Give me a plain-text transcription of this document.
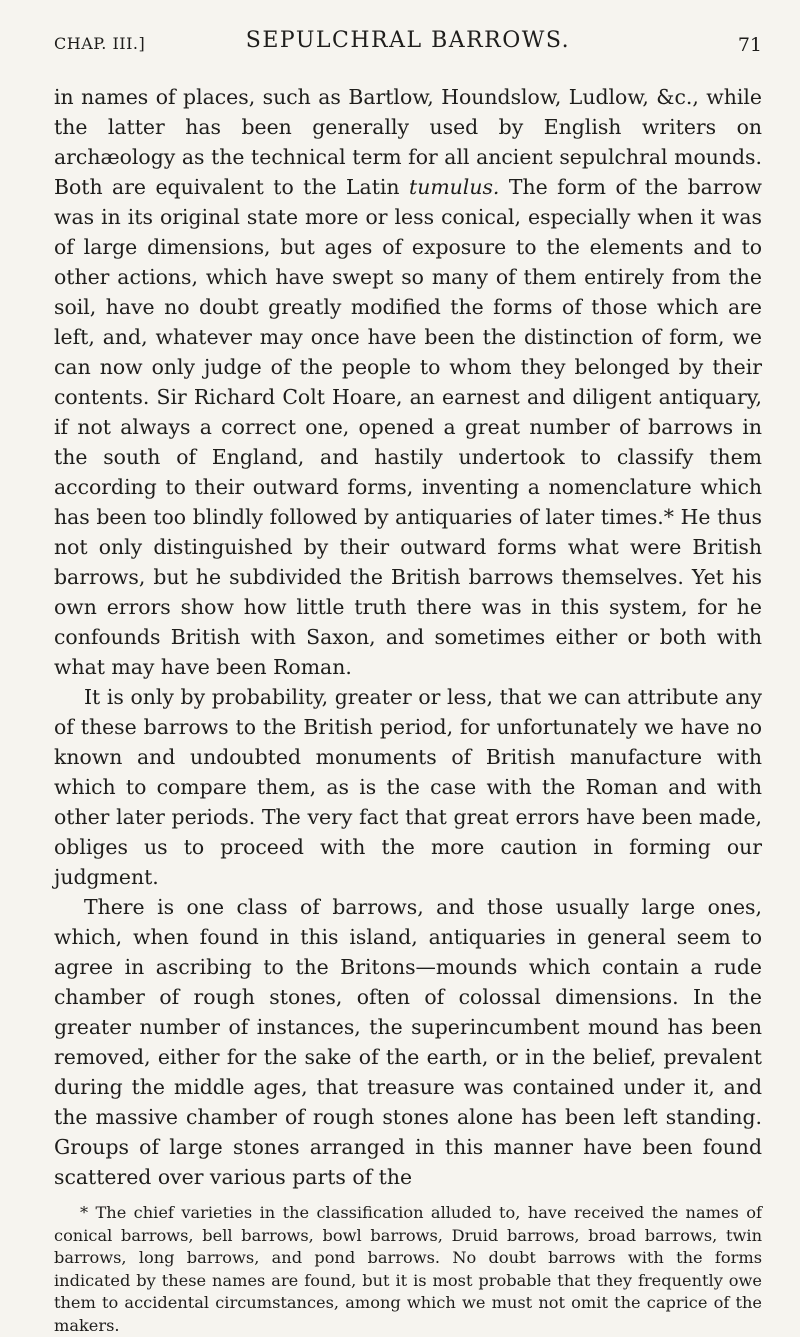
CHAP. III.]	SEPULCHRAL BARROWS.	71

in names of places, such as Bartlow, Houndslow, Ludlow, &c., while the latter has been generally used by English writers on archæology as the technical term for all ancient sepulchral mounds. Both are equivalent to the Latin tumulus. The form of the barrow was in its original state more or less conical, especially when it was of large dimensions, but ages of exposure to the elements and to other actions, which have swept so many of them entirely from the soil, have no doubt greatly modified the forms of those which are left, and, whatever may once have been the distinction of form, we can now only judge of the people to whom they belonged by their contents. Sir Richard Colt Hoare, an earnest and diligent antiquary, if not always a correct one, opened a great number of barrows in the south of England, and hastily undertook to classify them according to their outward forms, inventing a nomenclature which has been too blindly followed by antiquaries of later times.* He thus not only distinguished by their outward forms what were British barrows, but he subdivided the British barrows themselves. Yet his own errors show how little truth there was in this system, for he confounds British with Saxon, and sometimes either or both with what may have been Roman.

It is only by probability, greater or less, that we can attribute any of these barrows to the British period, for unfortunately we have no known and undoubted monuments of British manufacture with which to compare them, as is the case with the Roman and with other later periods. The very fact that great errors have been made, obliges us to proceed with the more caution in forming our judgment.

There is one class of barrows, and those usually large ones, which, when found in this island, antiquaries in general seem to agree in ascribing to the Britons—mounds which contain a rude chamber of rough stones, often of colossal dimensions. In the greater number of instances, the superincumbent mound has been removed, either for the sake of the earth, or in the belief, prevalent during the middle ages, that treasure was contained under it, and the massive chamber of rough stones alone has been left standing. Groups of large stones arranged in this manner have been found scattered over various parts of the

* The chief varieties in the classification alluded to, have received the names of conical barrows, bell barrows, bowl barrows, Druid barrows, broad barrows, twin barrows, long barrows, and pond barrows. No doubt barrows with the forms indicated by these names are found, but it is most probable that they frequently owe them to accidental circumstances, among which we must not omit the caprice of the makers.
